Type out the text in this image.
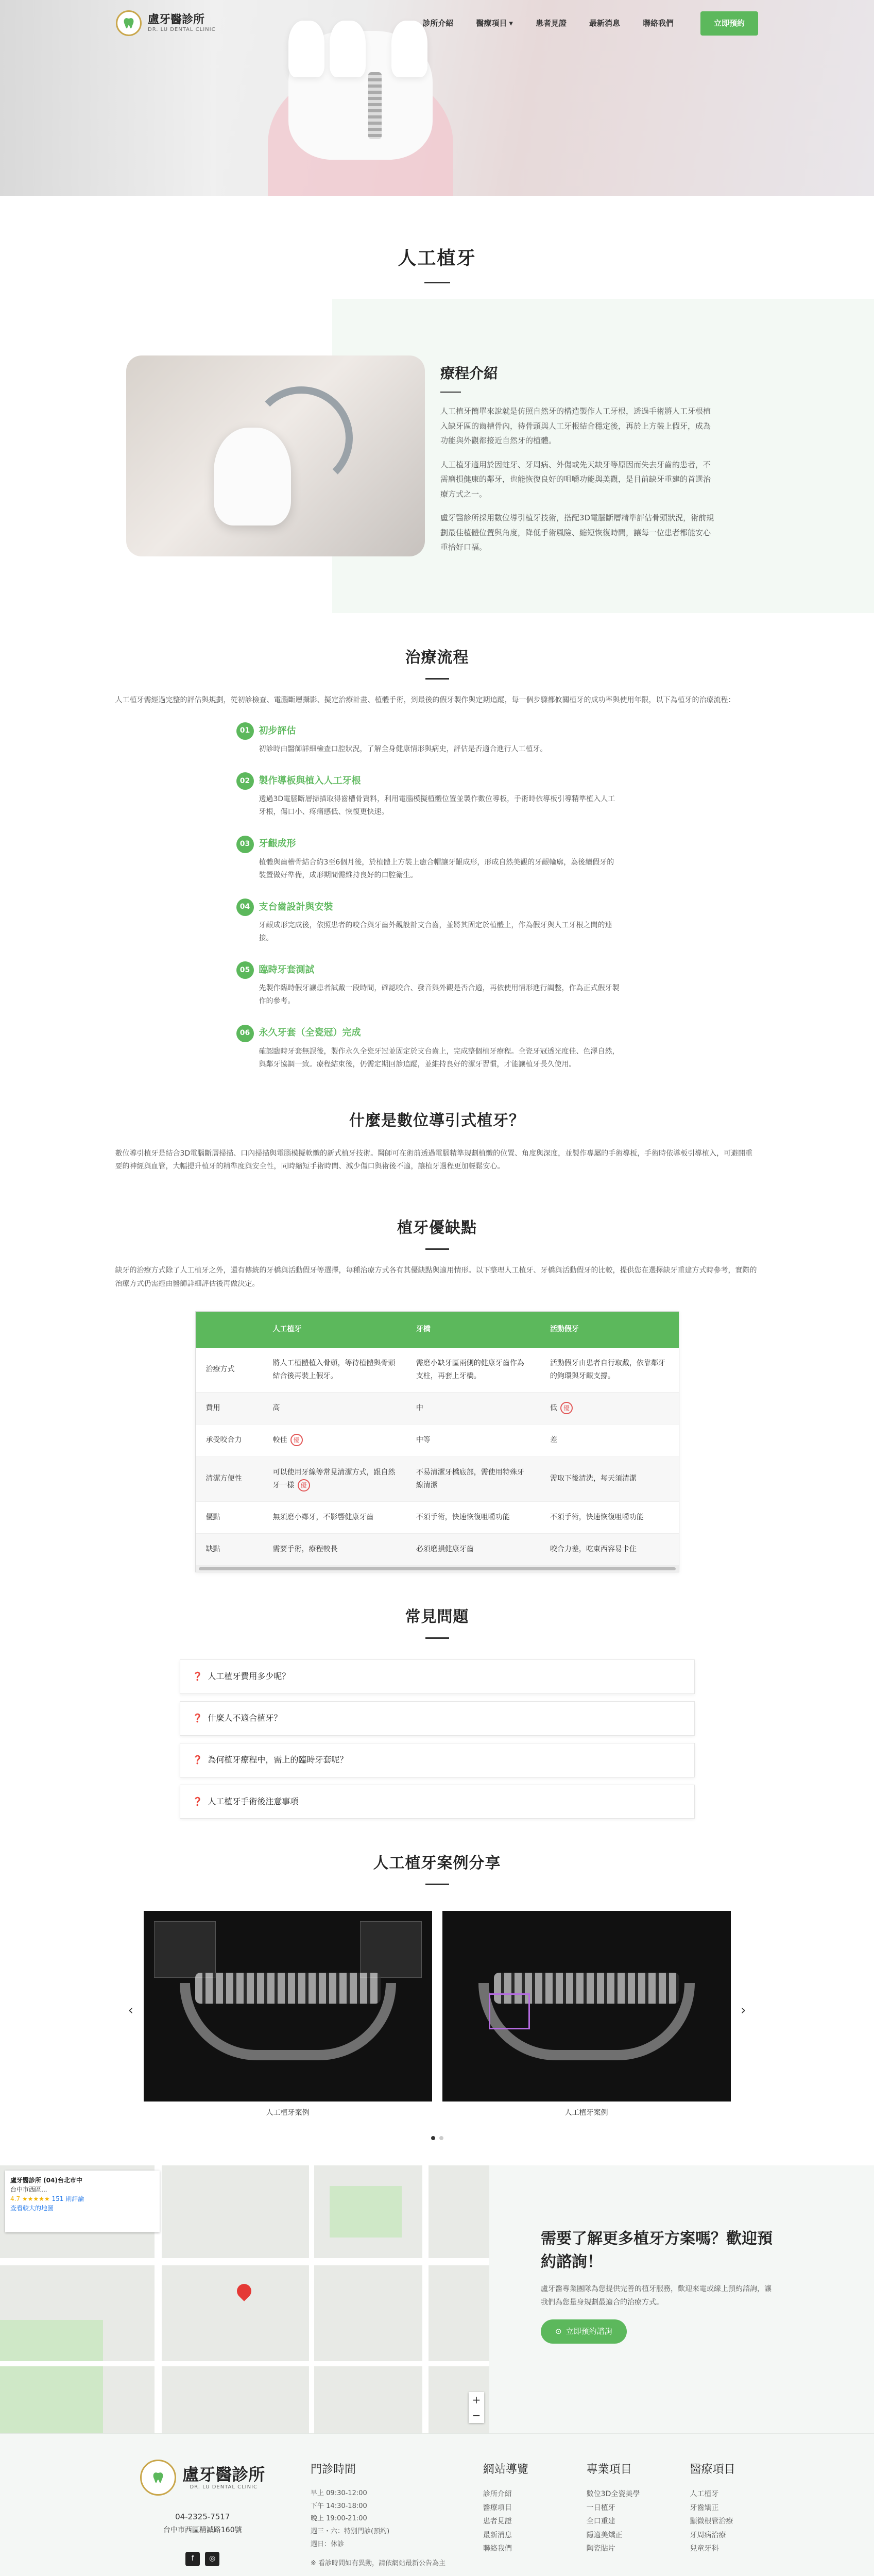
盧牙醫診所
DR. LU DENTAL CLINIC
診所介紹	醫療項目 ▾	患者見證	最新消息	聯絡我們	立即預約
人工植牙
療程介紹

人工植牙簡單來說就是仿照自然牙的構造製作人工牙根，透過手術將人工牙根植入缺牙區的齒槽骨內，待骨頭與人工牙根結合穩定後，再於上方裝上假牙，成為功能與外觀都接近自然牙的植體。

人工植牙適用於因蛀牙、牙周病、外傷或先天缺牙等原因而失去牙齒的患者，不需磨損健康的鄰牙，也能恢復良好的咀嚼功能與美觀，是目前缺牙重建的首選治療方式之一。

盧牙醫診所採用數位導引植牙技術，搭配3D電腦斷層精準評估骨頭狀況，術前規劃最佳植體位置與角度，降低手術風險、縮短恢復時間，讓每一位患者都能安心重拾好口福。

治療流程

人工植牙需經過完整的評估與規劃，從初診檢查、電腦斷層攝影、擬定治療計畫、植體手術，到最後的假牙製作與定期追蹤，每一個步驟都攸關植牙的成功率與使用年限，以下為植牙的治療流程：

01 初步評估

初診時由醫師詳細檢查口腔狀況，了解全身健康情形與病史，評估是否適合進行人工植牙。

02 製作導板與植入人工牙根

透過3D電腦斷層掃描取得齒槽骨資料，利用電腦模擬植體位置並製作數位導板，手術時依導板引導精準植入人工牙根，傷口小、疼痛感低、恢復更快速。

03 牙齦成形

植體與齒槽骨結合約3至6個月後，於植體上方裝上癒合帽讓牙齦成形，形成自然美觀的牙齦輪廓，為後續假牙的裝置做好準備，成形期間需維持良好的口腔衛生。

04 支台齒設計與安裝

牙齦成形完成後，依照患者的咬合與牙齒外觀設計支台齒，並將其固定於植體上，作為假牙與人工牙根之間的連接。

05 臨時牙套測試

先製作臨時假牙讓患者試戴一段時間，確認咬合、發音與外觀是否合適，再依使用情形進行調整，作為正式假牙製作的參考。

06 永久牙套（全瓷冠）完成

確認臨時牙套無誤後，製作永久全瓷牙冠並固定於支台齒上，完成整個植牙療程。全瓷牙冠透光度佳、色澤自然，與鄰牙協調一致。療程結束後，仍需定期回診追蹤，並維持良好的潔牙習慣，才能讓植牙長久使用。

什麼是數位導引式植牙？

數位導引植牙是結合3D電腦斷層掃描、口內掃描與電腦模擬軟體的新式植牙技術。醫師可在術前透過電腦精準規劃植體的位置、角度與深度，並製作專屬的手術導板，手術時依導板引導植入，可避開重要的神經與血管，大幅提升植牙的精準度與安全性，同時縮短手術時間、減少傷口與術後不適，讓植牙過程更加輕鬆安心。

植牙優缺點

缺牙的治療方式除了人工植牙之外，還有傳統的牙橋與活動假牙等選擇，每種治療方式各有其優缺點與適用情形。以下整理人工植牙、牙橋與活動假牙的比較，提供您在選擇缺牙重建方式時參考，實際的治療方式仍需經由醫師詳細評估後再做決定。

	人工植牙	牙橋	活動假牙
治療方式	將人工植體植入骨頭，等待植體與骨頭結合後再裝上假牙。	需磨小缺牙區兩側的健康牙齒作為支柱，再套上牙橋。	活動假牙由患者自行取戴，依靠鄰牙的鉤環與牙齦支撐。
費用	高	中	低 優
承受咬合力	較佳 優	中等	差
清潔方便性	可以使用牙線等常見清潔方式，跟自然牙一樣 優	不易清潔牙橋底部，需使用特殊牙線清潔	需取下後清洗，每天須清潔
優點	無須磨小鄰牙，不影響健康牙齒	不須手術，快速恢復咀嚼功能	不須手術，快速恢復咀嚼功能
缺點	需要手術，療程較長	必須磨損健康牙齒	咬合力差，吃東西容易卡住
常見問題
❓ 人工植牙費用多少呢？
❓ 什麼人不適合植牙？
❓ 為何植牙療程中，需上的臨時牙套呢？
❓ 人工植牙手術後注意事項
人工植牙案例分享
‹

人工植牙案例	人工植牙案例

›
盧牙醫診所 (04)台北市中
台中市西區...
4.7 ★★★★★ 151 則評論
查看較大的地圖
+
−
需要了解更多植牙方案嗎？歡迎預約諮詢！

盧牙醫專業團隊為您提供完善的植牙服務，歡迎來電或線上預約諮詢，讓我們為您量身規劃最適合的治療方式。

⊙ 立即預約諮詢
盧牙醫診所
DR. LU DENTAL CLINIC

04-2325-7517

台中市西區精誠路160號

f	◎
門診時間
早上 09:30-12:00
下午 14:30-18:00
晚上 19:00-21:00
週三・六：特別門診(預約)
週日：休診

※ 看診時間如有異動，請依網站最新公告為主

網站導覽
診所介紹
醫療項目
患者見證
最新消息
聯絡我們
專業項目
數位3D全瓷美學
一日植牙
全口重建
隱適美矯正
陶瓷貼片
醫療項目
人工植牙
牙齒矯正
顯微根管治療
牙周病治療
兒童牙科
